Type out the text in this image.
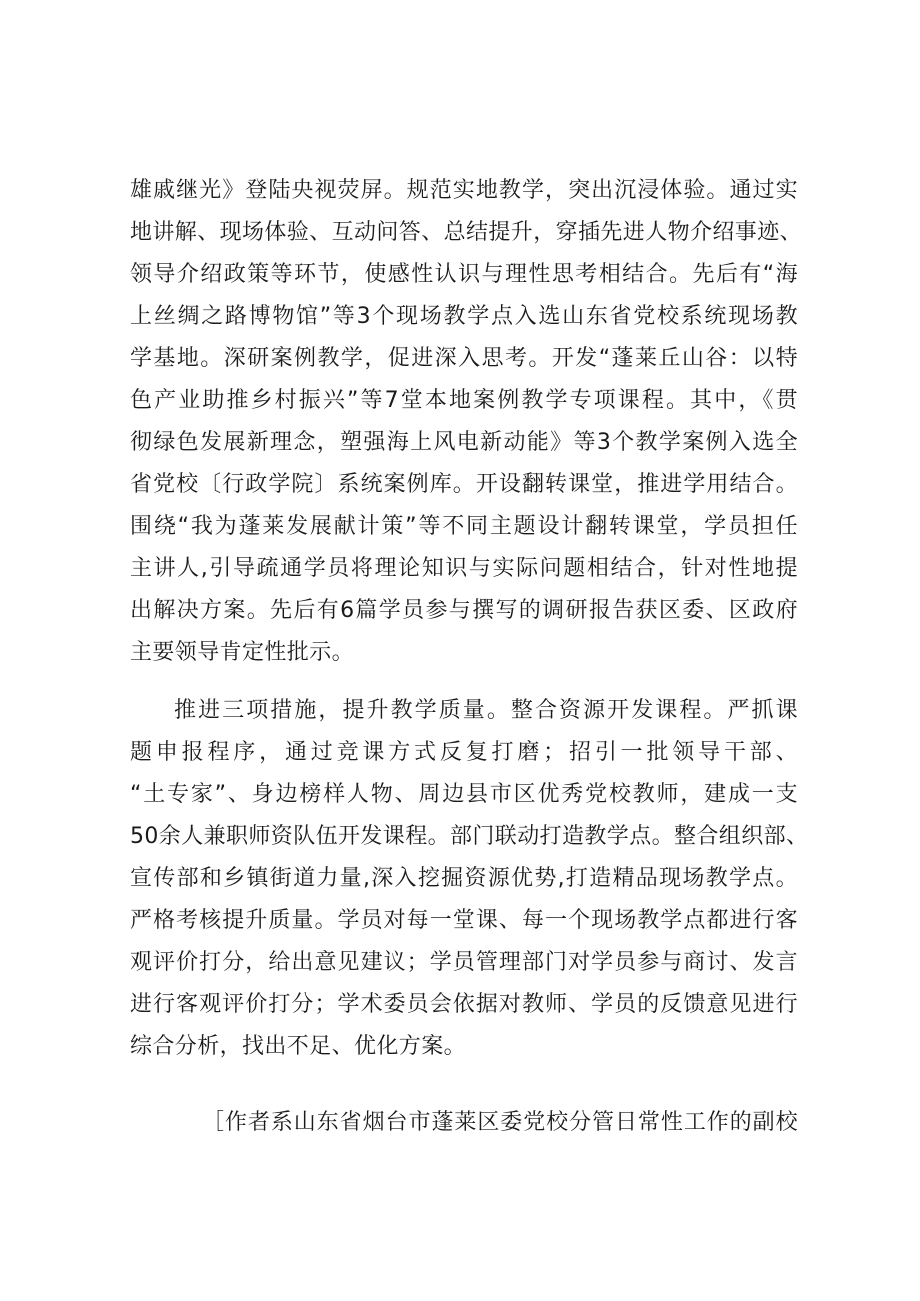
雄戚继光》登陆央视荧屏。规范实地教学，突出沉浸体验。通过实
地讲解、现场体验、互动问答、总结提升，穿插先进人物介绍事迹、
领导介绍政策等环节，使感性认识与理性思考相结合。先后有“海
上丝绸之路博物馆”等3个现场教学点入选山东省党校系统现场教
学基地。深研案例教学，促进深入思考。开发“蓬莱丘山谷：以特
色产业助推乡村振兴”等7堂本地案例教学专项课程。其中，《贯
彻绿色发展新理念，塑强海上风电新动能》等3个教学案例入选全
省党校〔行政学院〕系统案例库。开设翻转课堂，推进学用结合。
围绕“我为蓬莱发展献计策”等不同主题设计翻转课堂，学员担任
主讲人,引导疏通学员将理论知识与实际问题相结合，针对性地提
出解决方案。先后有6篇学员参与撰写的调研报告获区委、区政府
主要领导肯定性批示。
推进三项措施，提升教学质量。整合资源开发课程。严抓课
题申报程序，通过竞课方式反复打磨；招引一批领导干部、
“土专家”、身边榜样人物、周边县市区优秀党校教师，建成一支
50余人兼职师资队伍开发课程。部门联动打造教学点。整合组织部、
宣传部和乡镇街道力量,深入挖掘资源优势,打造精品现场教学点。
严格考核提升质量。学员对每一堂课、每一个现场教学点都进行客
观评价打分，给出意见建议；学员管理部门对学员参与商讨、发言
进行客观评价打分；学术委员会依据对教师、学员的反馈意见进行
综合分析，找出不足、优化方案。
［作者系山东省烟台市蓬莱区委党校分管日常性工作的副校
